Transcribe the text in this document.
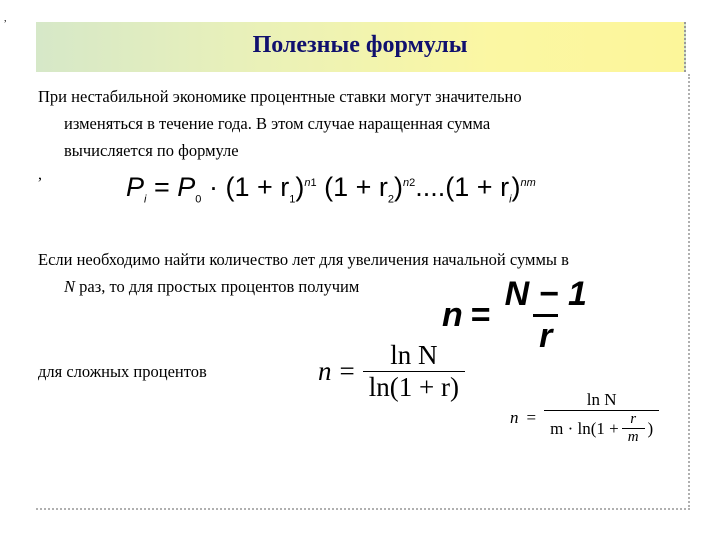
,
Полезные формулы
При нестабильной экономике процентные ставки могут значительно
изменяться в течение года. В этом случае наращенная сумма
вычисляется по формуле
,	$P_i = P_0 \cdot (1 + r_1)^{n1}$ $(1 + r_2)^{n2}....(1 + r_i)^{nm}$
Если необходимо найти количество лет для увеличения начальной суммы в
N раз, то для простых процентов получим
$n = \frac{N - 1}{r}$
для сложных процентов	$n = \frac{\text{ln N}}{\ln(1 + r)}$
$n = \frac{\text{ln N}}{m \cdot \ln(1 + \frac{r}{m} )}$
